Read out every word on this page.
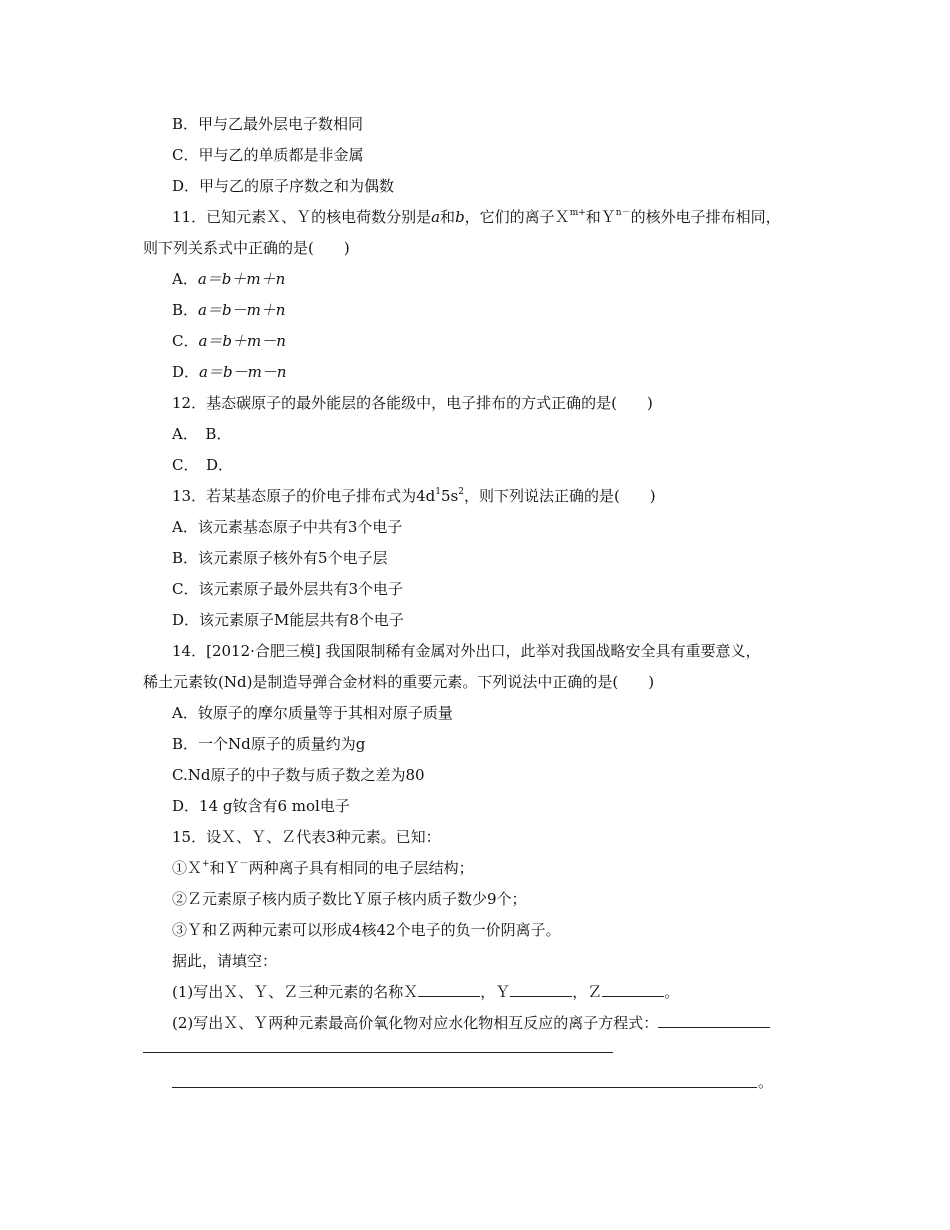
B．甲与乙最外层电子数相同
C．甲与乙的单质都是非金属
D．甲与乙的原子序数之和为偶数
11．已知元素Ｘ、Ｙ的核电荷数分别是a和b，它们的离子Ｘ$^{m+}$和Ｙ$^{n-}$的核外电子排布相同，
则下列关系式中正确的是(　　)
A．a＝b＋m＋n
B．a＝b－m＋n
C．a＝b＋m－n
D．a＝b－m－n
12．基态碳原子的最外能层的各能级中，电子排布的方式正确的是(　　)
A．　B．
C．　D．
13．若某基态原子的价电子排布式为$4d^15s^2$，则下列说法正确的是(　　)
A．该元素基态原子中共有3个电子
B．该元素原子核外有5个电子层
C．该元素原子最外层共有3个电子
D．该元素原子M能层共有8个电子
14．[2012·合肥三模] 我国限制稀有金属对外出口，此举对我国战略安全具有重要意义，
稀土元素钕(Nd)是制造导弹合金材料的重要元素。下列说法中正确的是(　　)
A．钕原子的摩尔质量等于其相对原子质量
B．一个Nd原子的质量约为g
C.Nd原子的中子数与质子数之差为80
D．14 g钕含有6 mol电子
15．设Ｘ、Ｙ、Ｚ代表3种元素。已知：
①Ｘ+和Ｙ－两种离子具有相同的电子层结构；
②Ｚ元素原子核内质子数比Ｙ原子核内质子数少9个；
③Ｙ和Ｚ两种元素可以形成4核42个电子的负一价阴离子。
据此，请填空：
(1)写出Ｘ、Ｙ、Ｚ三种元素的名称Ｘ	，Ｙ	，Ｚ	。
(2)写出Ｘ、Ｙ两种元素最高价氧化物对应水化物相互反应的离子方程式：
。
